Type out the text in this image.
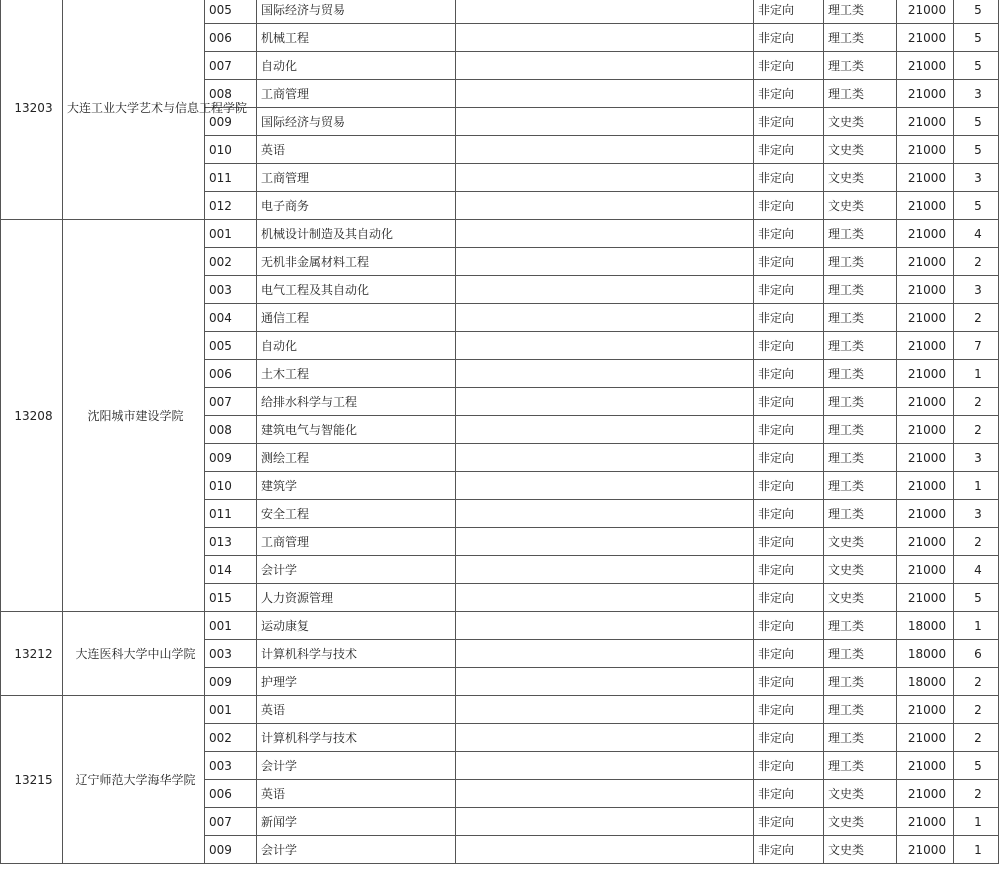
13203	大连工业大学艺术与信息工程学院	005	国际经济与贸易		非定向	理工类	21000	5
		006	机械工程		非定向	理工类	21000	5
		007	自动化		非定向	理工类	21000	5
		008	工商管理		非定向	理工类	21000	3
		009	国际经济与贸易		非定向	文史类	21000	5
		010	英语		非定向	文史类	21000	5
		011	工商管理		非定向	文史类	21000	3
		012	电子商务		非定向	文史类	21000	5
13208	沈阳城市建设学院	001	机械设计制造及其自动化		非定向	理工类	21000	4
		002	无机非金属材料工程		非定向	理工类	21000	2
		003	电气工程及其自动化		非定向	理工类	21000	3
		004	通信工程		非定向	理工类	21000	2
		005	自动化		非定向	理工类	21000	7
		006	土木工程		非定向	理工类	21000	1
		007	给排水科学与工程		非定向	理工类	21000	2
		008	建筑电气与智能化		非定向	理工类	21000	2
		009	测绘工程		非定向	理工类	21000	3
		010	建筑学		非定向	理工类	21000	1
		011	安全工程		非定向	理工类	21000	3
		013	工商管理		非定向	文史类	21000	2
		014	会计学		非定向	文史类	21000	4
		015	人力资源管理		非定向	文史类	21000	5
13212	大连医科大学中山学院	001	运动康复		非定向	理工类	18000	1
		003	计算机科学与技术		非定向	理工类	18000	6
		009	护理学		非定向	理工类	18000	2
13215	辽宁师范大学海华学院	001	英语		非定向	理工类	21000	2
		002	计算机科学与技术		非定向	理工类	21000	2
		003	会计学		非定向	理工类	21000	5
		006	英语		非定向	文史类	21000	2
		007	新闻学		非定向	文史类	21000	1
		009	会计学		非定向	文史类	21000	1
